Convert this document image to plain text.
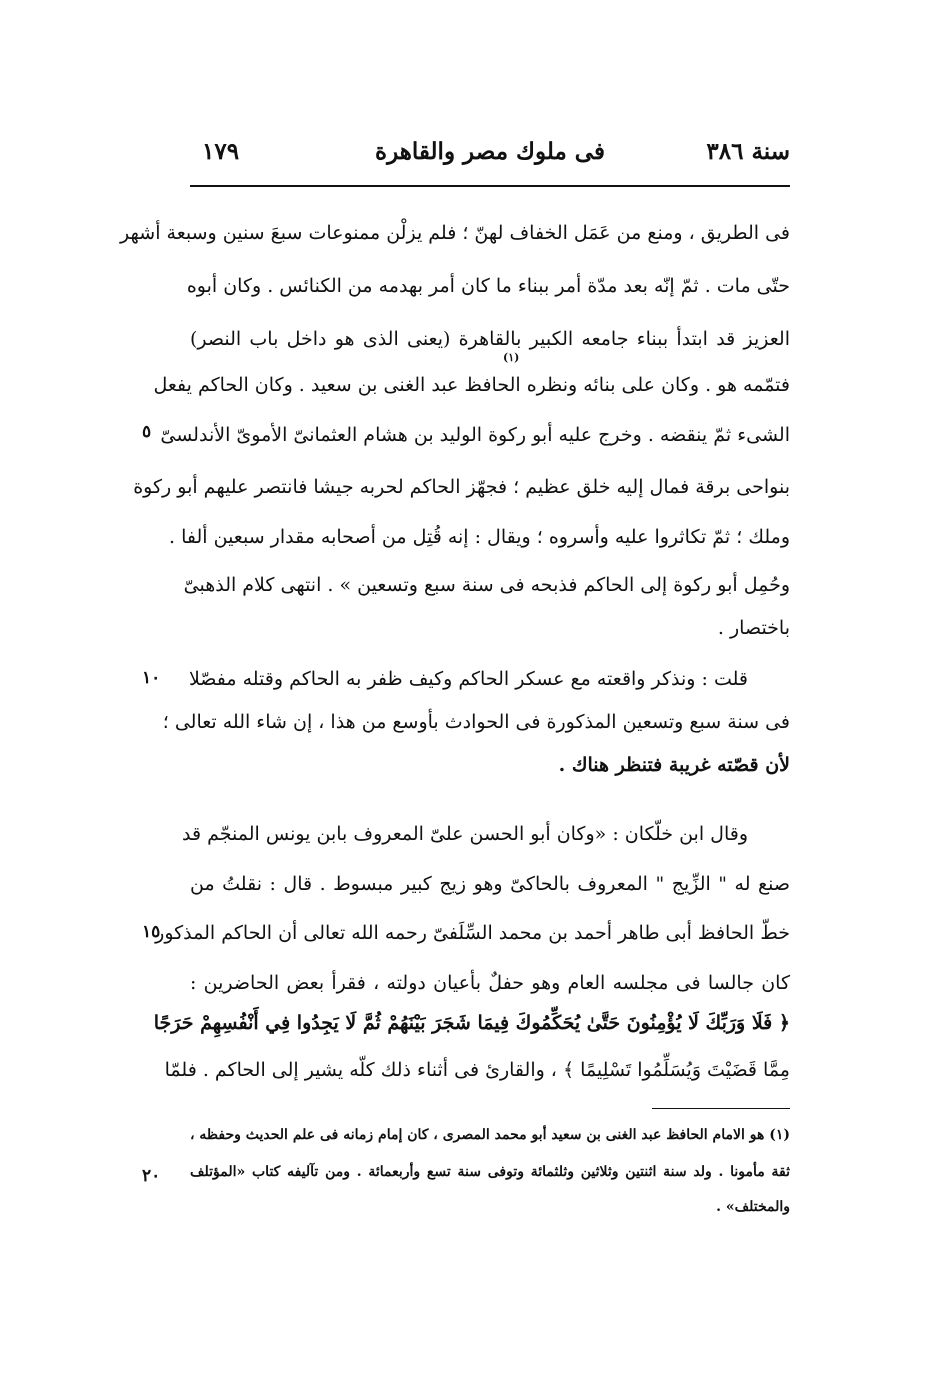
سنة ٣٨٦
فى ملوك مصر والقاهرة
١٧٩
فى الطريق ، ومنع من عَمَل الخفاف لهنّ ؛ فلم يزلْن ممنوعات سبعَ سنين وسبعة أشهر
حتّى مات . ثمّ إنّه بعد مدّة أمر ببناء ما كان أمر بهدمه من الكنائس . وكان أبوه
العزيز قد ابتدأ ببناء جامعه الكبير بالقاهرة (يعنى الذى هو داخل باب النصر)
(١)
فتمّمه هو . وكان على بنائه ونظره الحافظ عبد الغنى بن سعيد . وكان الحاكم يفعل
الشىء ثمّ ينقضه . وخرج عليه أبو ركوة الوليد بن هشام العثمانىّ الأموىّ الأندلسىّ
٥
بنواحى برقة فمال إليه خلق عظيم ؛ فجهّز الحاكم لحربه جيشا فانتصر عليهم أبو ركوة
وملك ؛ ثمّ تكاثروا عليه وأسروه ؛ ويقال : إنه قُتِل من أصحابه مقدار سبعين ألفا .
وحُمِل أبو ركوة إلى الحاكم فذبحه فى سنة سبع وتسعين » . انتهى كلام الذهبىّ
باختصار .
قلت : ونذكر واقعته مع عسكر الحاكم وكيف ظفر به الحاكم وقتله مفصّلا
١٠
فى سنة سبع وتسعين المذكورة فى الحوادث بأوسع من هذا ، إن شاء الله تعالى ؛
لأن قصّته غريبة فتنظر هناك .
وقال ابن خلّكان : «وكان أبو الحسن علىّ المعروف بابن يونس المنجّم قد
صنع له " الزِّيج " المعروف بالحاكىّ وهو زيج كبير مبسوط . قال : نقلتُ من
خطّ الحافظ أبى طاهر أحمد بن محمد السِّلَفىّ رحمه الله تعالى أن الحاكم المذكور
١٥
كان جالسا فى مجلسه العام وهو حفلٌ بأعيان دولته ، فقرأ بعض الحاضرين :
﴿ فَلَا وَرَبِّكَ لَا يُؤْمِنُونَ حَتَّىٰ يُحَكِّمُوكَ فِيمَا شَجَرَ بَيْنَهُمْ ثُمَّ لَا يَجِدُوا فِي أَنْفُسِهِمْ حَرَجًا
مِمَّا قَضَيْتَ وَيُسَلِّمُوا تَسْلِيمًا ﴾ ، والقارئ فى أثناء ذلك كلّه يشير إلى الحاكم . فلمّا
(١) هو الامام الحافظ عبد الغنى بن سعيد أبو محمد المصرى ، كان إمام زمانه فى علم الحديث وحفظه ،
ثقة مأمونا . ولد سنة اثنتين وثلاثين وثلثمائة وتوفى سنة تسع وأربعمائة . ومن تآليفه كتاب «المؤتلف
٢٠
والمختلف» .
